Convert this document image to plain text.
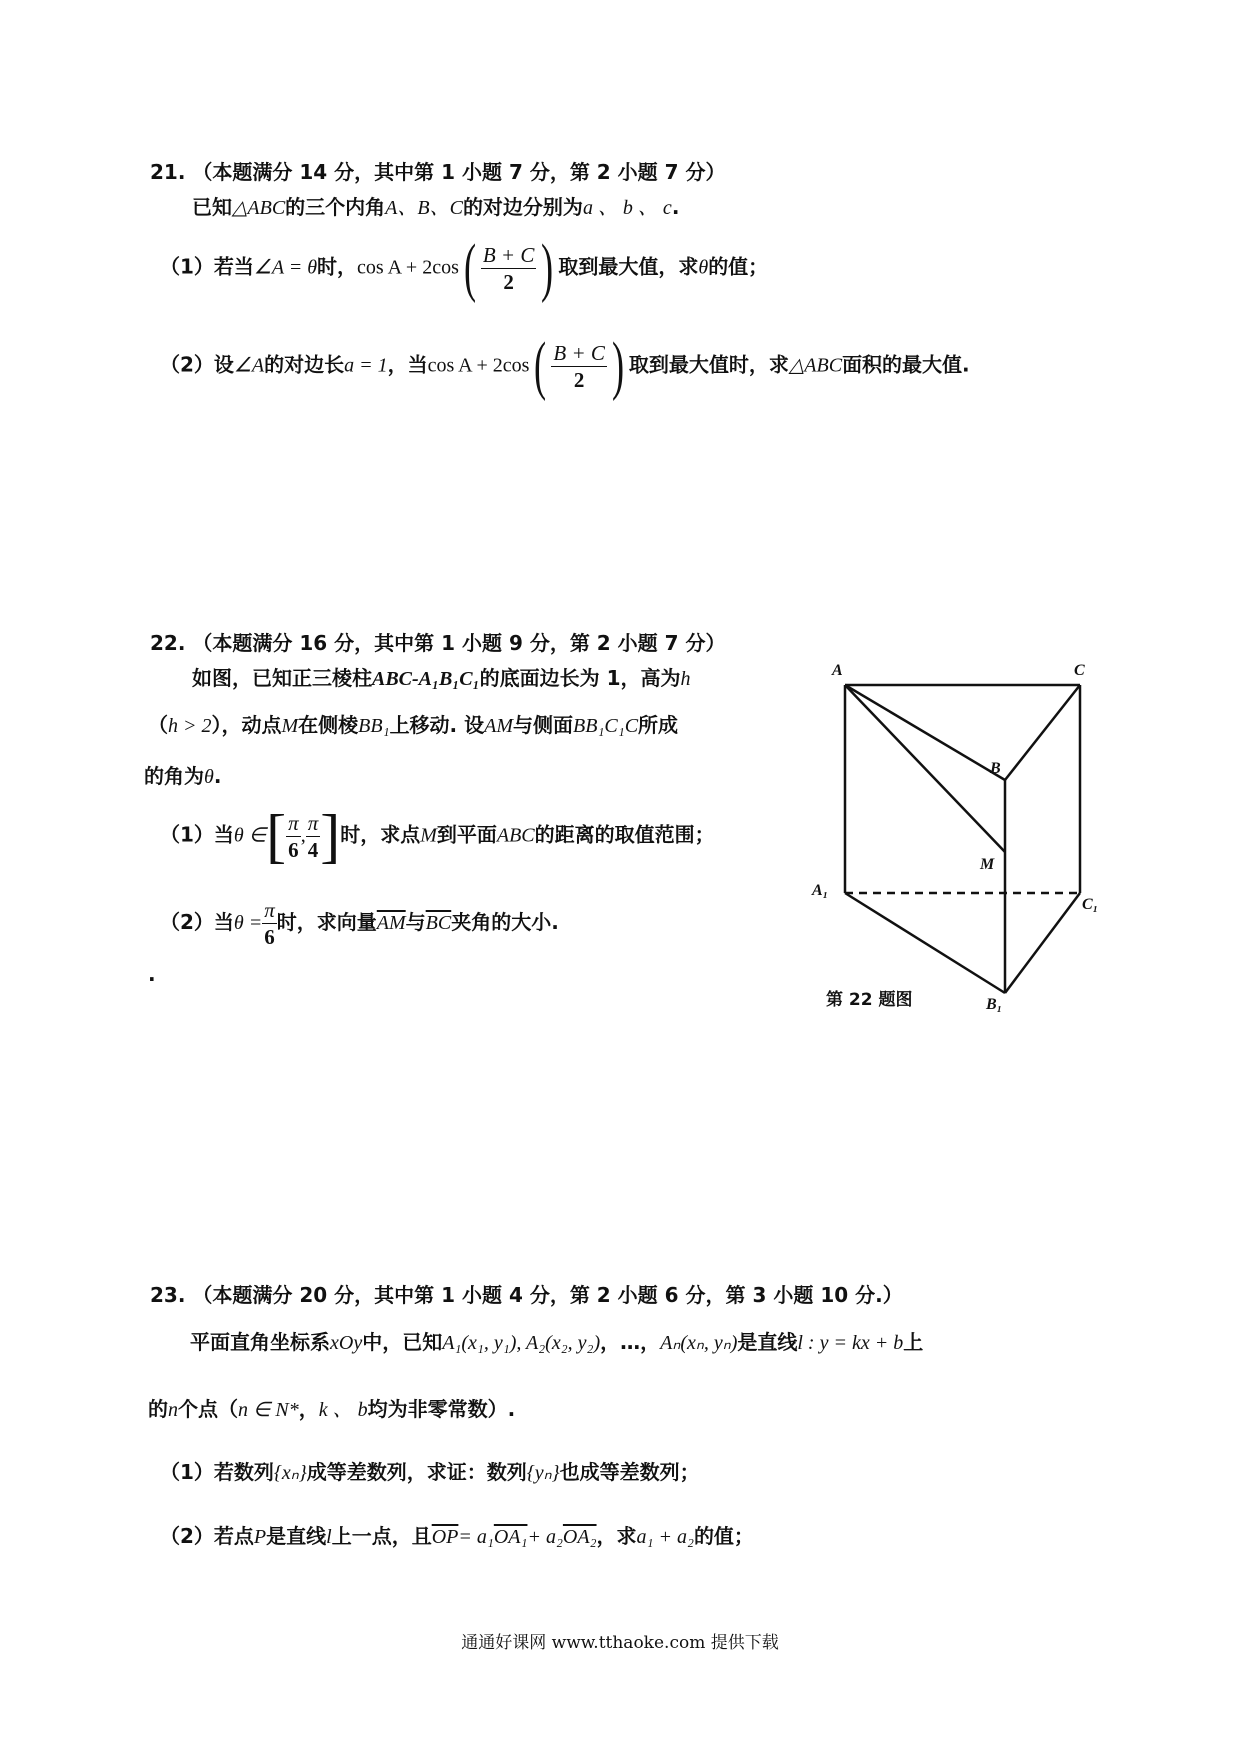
21. （本题满分 14 分，其中第 1 小题 7 分，第 2 小题 7 分）
已知△ABC的三个内角A、B、C的对边分别为a 、 b 、 c.
（1）若当∠A = θ时，$\cos A + 2\cos( \frac{B + C}{2}$ ) 取到最大值，求θ的值；
（2）设∠A的对边长a = 1，当$\cos A + 2\cos( \frac{B + C}{2}$ ) 取到最大值时，求△ABC面积的最大值.
22. （本题满分 16 分，其中第 1 小题 9 分，第 2 小题 7 分）
如图，已知正三棱柱ABC-A₁B₁C₁的底面边长为 1，高为h
（h > 2），动点M在侧棱BB₁上移动. 设AM与侧面BB₁C₁C所成
的角为θ.
（1）当θ ∈[ $\frac{\pi}{6}$ , $\frac{\pi}{4}$ ]时，求点M到平面ABC的距离的取值范围；
（2）当$\theta = \frac{\pi}{6}$ 时，求向量$\overline{AM}$与$\overline{BC}$夹角的大小.
.
A	C
B
M
A₁
C₁
B₁
第 22 题图
23. （本题满分 20 分，其中第 1 小题 4 分，第 2 小题 6 分，第 3 小题 10 分.）
平面直角坐标系xOy中，已知A₁(x₁, y₁), A₂(x₂, y₂)，…，Aₙ(xₙ, yₙ)是直线l : y = kx + b上
的n个点（n ∈ N*，k 、 b均为非零常数）.
（1）若数列{xₙ}成等差数列，求证：数列{yₙ}也成等差数列；
（2）若点P是直线l上一点，且$\overline{OP}= a_1OA_1+ a_2OA_2$，求a₁ + a₂的值；
通通好课网 www.tthaoke.com 提供下载
